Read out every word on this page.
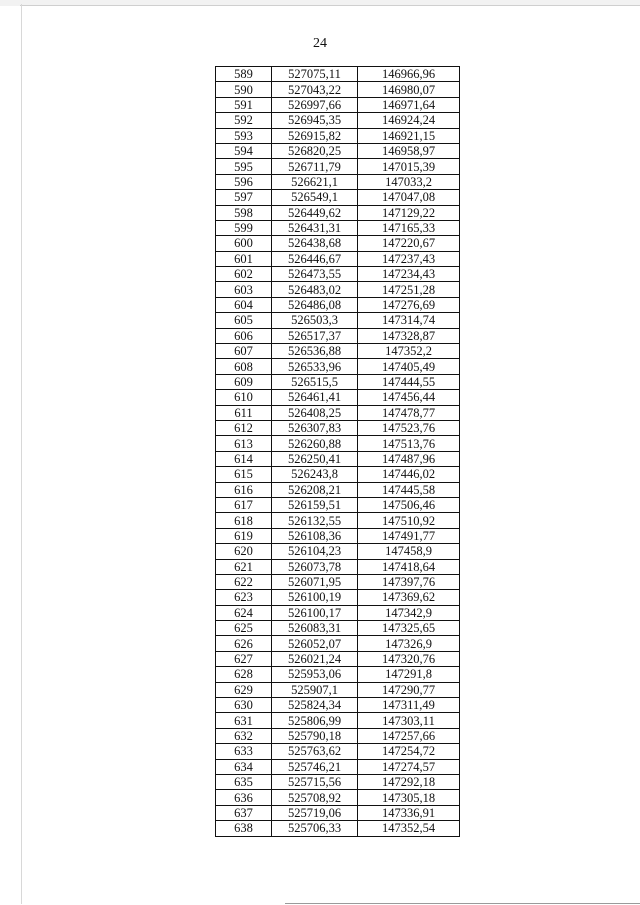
24
589	527075,11	146966,96
590	527043,22	146980,07
591	526997,66	146971,64
592	526945,35	146924,24
593	526915,82	146921,15
594	526820,25	146958,97
595	526711,79	147015,39
596	526621,1	147033,2
597	526549,1	147047,08
598	526449,62	147129,22
599	526431,31	147165,33
600	526438,68	147220,67
601	526446,67	147237,43
602	526473,55	147234,43
603	526483,02	147251,28
604	526486,08	147276,69
605	526503,3	147314,74
606	526517,37	147328,87
607	526536,88	147352,2
608	526533,96	147405,49
609	526515,5	147444,55
610	526461,41	147456,44
611	526408,25	147478,77
612	526307,83	147523,76
613	526260,88	147513,76
614	526250,41	147487,96
615	526243,8	147446,02
616	526208,21	147445,58
617	526159,51	147506,46
618	526132,55	147510,92
619	526108,36	147491,77
620	526104,23	147458,9
621	526073,78	147418,64
622	526071,95	147397,76
623	526100,19	147369,62
624	526100,17	147342,9
625	526083,31	147325,65
626	526052,07	147326,9
627	526021,24	147320,76
628	525953,06	147291,8
629	525907,1	147290,77
630	525824,34	147311,49
631	525806,99	147303,11
632	525790,18	147257,66
633	525763,62	147254,72
634	525746,21	147274,57
635	525715,56	147292,18
636	525708,92	147305,18
637	525719,06	147336,91
638	525706,33	147352,54
